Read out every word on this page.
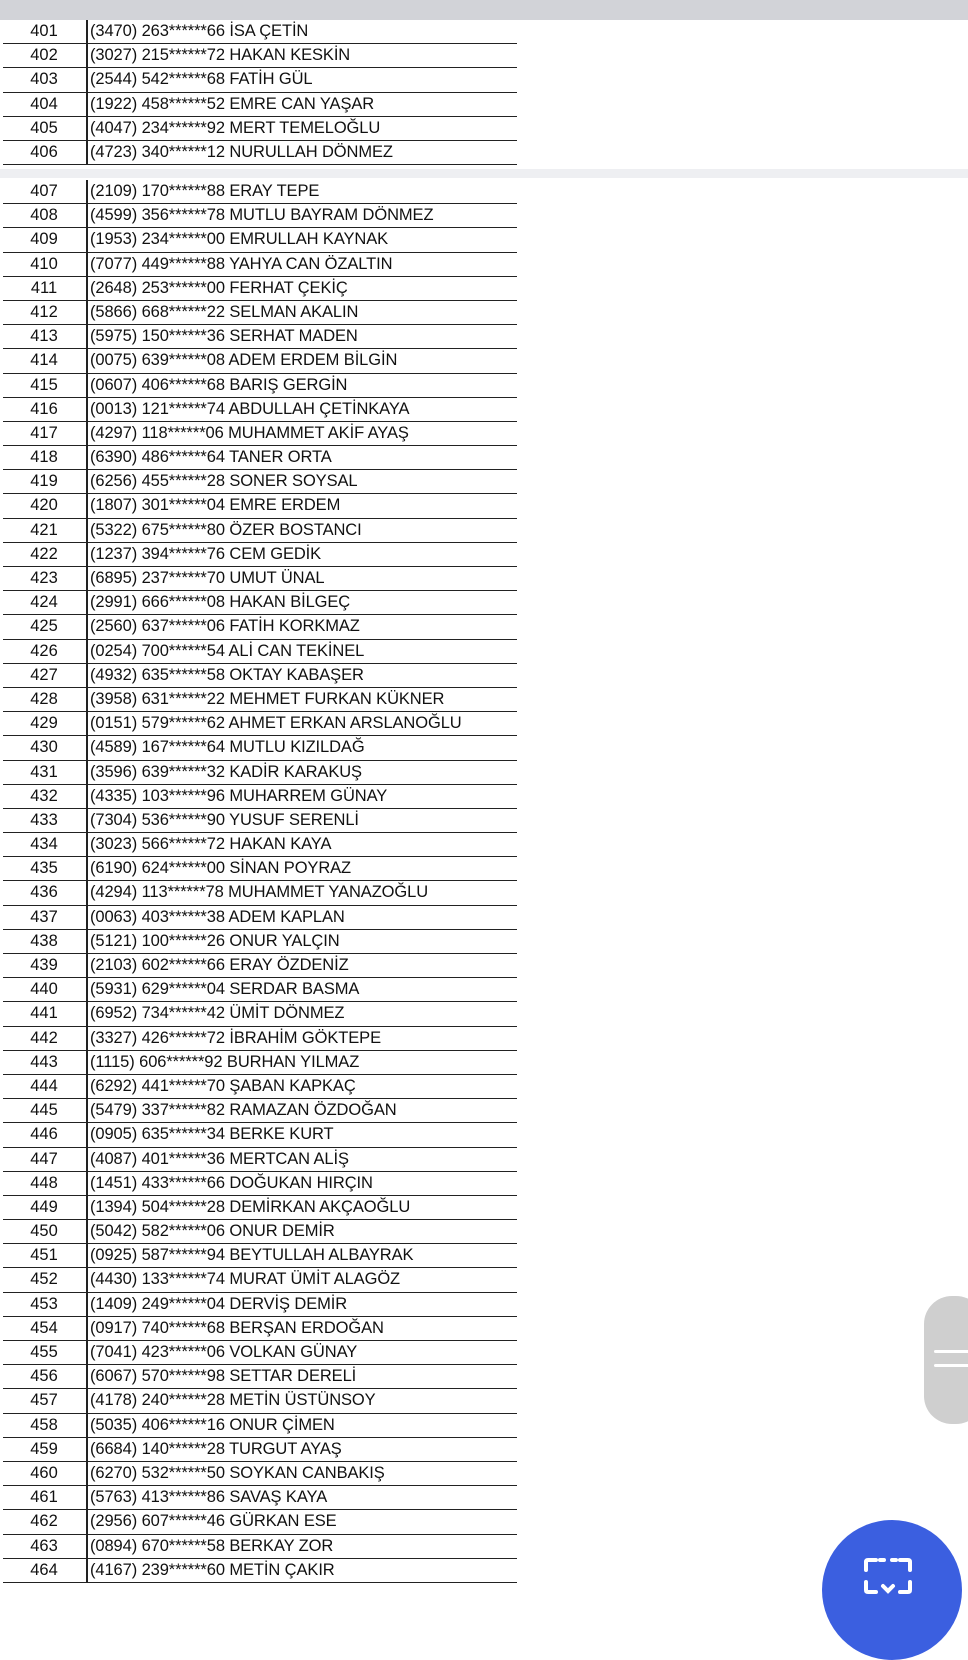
401	(3470) 263******66 İSA ÇETİN
402	(3027) 215******72 HAKAN KESKİN
403	(2544) 542******68 FATİH GÜL
404	(1922) 458******52 EMRE CAN YAŞAR
405	(4047) 234******92 MERT TEMELOĞLU
406	(4723) 340******12 NURULLAH DÖNMEZ
407	(2109) 170******88 ERAY TEPE
408	(4599) 356******78 MUTLU BAYRAM DÖNMEZ
409	(1953) 234******00 EMRULLAH KAYNAK
410	(7077) 449******88 YAHYA CAN ÖZALTIN
411	(2648) 253******00 FERHAT ÇEKİÇ
412	(5866) 668******22 SELMAN AKALIN
413	(5975) 150******36 SERHAT MADEN
414	(0075) 639******08 ADEM ERDEM BİLGİN
415	(0607) 406******68 BARIŞ GERGİN
416	(0013) 121******74 ABDULLAH ÇETİNKAYA
417	(4297) 118******06 MUHAMMET AKİF AYAŞ
418	(6390) 486******64 TANER ORTA
419	(6256) 455******28 SONER SOYSAL
420	(1807) 301******04 EMRE ERDEM
421	(5322) 675******80 ÖZER BOSTANCI
422	(1237) 394******76 CEM GEDİK
423	(6895) 237******70 UMUT ÜNAL
424	(2991) 666******08 HAKAN BİLGEÇ
425	(2560) 637******06 FATİH KORKMAZ
426	(0254) 700******54 ALİ CAN TEKİNEL
427	(4932) 635******58 OKTAY KABAŞER
428	(3958) 631******22 MEHMET FURKAN KÜKNER
429	(0151) 579******62 AHMET ERKAN ARSLANOĞLU
430	(4589) 167******64 MUTLU KIZILDAĞ
431	(3596) 639******32 KADİR KARAKUŞ
432	(4335) 103******96 MUHARREM GÜNAY
433	(7304) 536******90 YUSUF SERENLİ
434	(3023) 566******72 HAKAN KAYA
435	(6190) 624******00 SİNAN POYRAZ
436	(4294) 113******78 MUHAMMET YANAZOĞLU
437	(0063) 403******38 ADEM KAPLAN
438	(5121) 100******26 ONUR YALÇIN
439	(2103) 602******66 ERAY ÖZDENİZ
440	(5931) 629******04 SERDAR BASMA
441	(6952) 734******42 ÜMİT DÖNMEZ
442	(3327) 426******72 İBRAHİM GÖKTEPE
443	(1115) 606******92 BURHAN YILMAZ
444	(6292) 441******70 ŞABAN KAPKAÇ
445	(5479) 337******82 RAMAZAN ÖZDOĞAN
446	(0905) 635******34 BERKE KURT
447	(4087) 401******36 MERTCAN ALİŞ
448	(1451) 433******66 DOĞUKAN HIRÇIN
449	(1394) 504******28 DEMİRKAN AKÇAOĞLU
450	(5042) 582******06 ONUR DEMİR
451	(0925) 587******94 BEYTULLAH ALBAYRAK
452	(4430) 133******74 MURAT ÜMİT ALAGÖZ
453	(1409) 249******04 DERVİŞ DEMİR
454	(0917) 740******68 BERŞAN ERDOĞAN
455	(7041) 423******06 VOLKAN GÜNAY
456	(6067) 570******98 SETTAR DERELİ
457	(4178) 240******28 METİN ÜSTÜNSOY
458	(5035) 406******16 ONUR ÇİMEN
459	(6684) 140******28 TURGUT AYAŞ
460	(6270) 532******50 SOYKAN CANBAKIŞ
461	(5763) 413******86 SAVAŞ KAYA
462	(2956) 607******46 GÜRKAN ESE
463	(0894) 670******58 BERKAY ZOR
464	(4167) 239******60 METİN ÇAKIR
